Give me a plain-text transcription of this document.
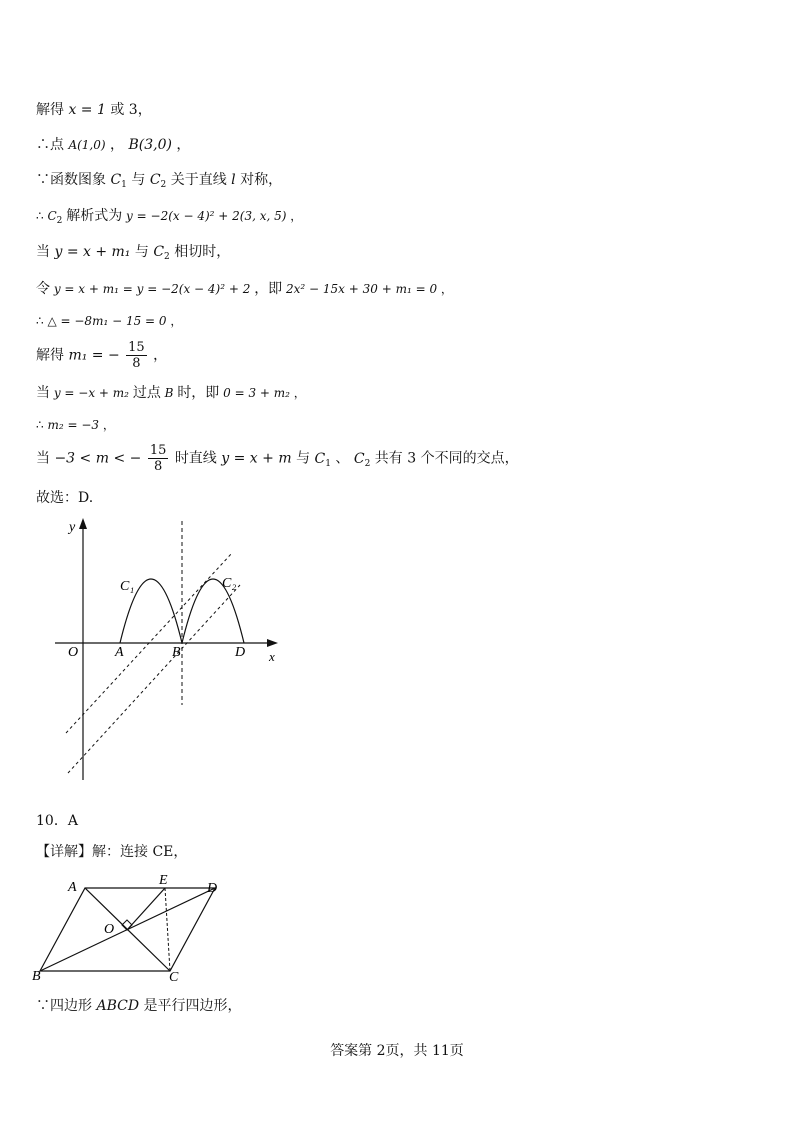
解得 x = 1 或 3，
∴点 A(1,0) ， B(3,0) ，
∵函数图象 $C_1$ 与 $C_2$ 关于直线 l 对称，
∴ $C_2$ 解析式为 y = −2(x − 4)² + 2(3, x, 5) ，
当 y = x + m₁ 与 $C_2$ 相切时，
令 y = x + m₁ = y = −2(x − 4)² + 2 ，即 2x² − 15x + 30 + m₁ = 0 ，
∴ △ = −8m₁ − 15 = 0 ，
解得 m₁ = − $\frac{15}{8}$ ，
当 y = −x + m₂ 过点 B 时，即 0 = 3 + m₂ ，
∴ m₂ = −3 ，
当 −3 < m < − $\frac{15}{8}$ 时直线 y = x + m 与 $C_1$ 、 $C_2$ 共有 3 个不同的交点，
故选：D.
y
x
O	A	B	D
C₁	C₂
10．A
【详解】解：连接 CE，
A	E
D
O
B	C
∵四边形 ABCD 是平行四边形，
答案第 2页，共 11页
